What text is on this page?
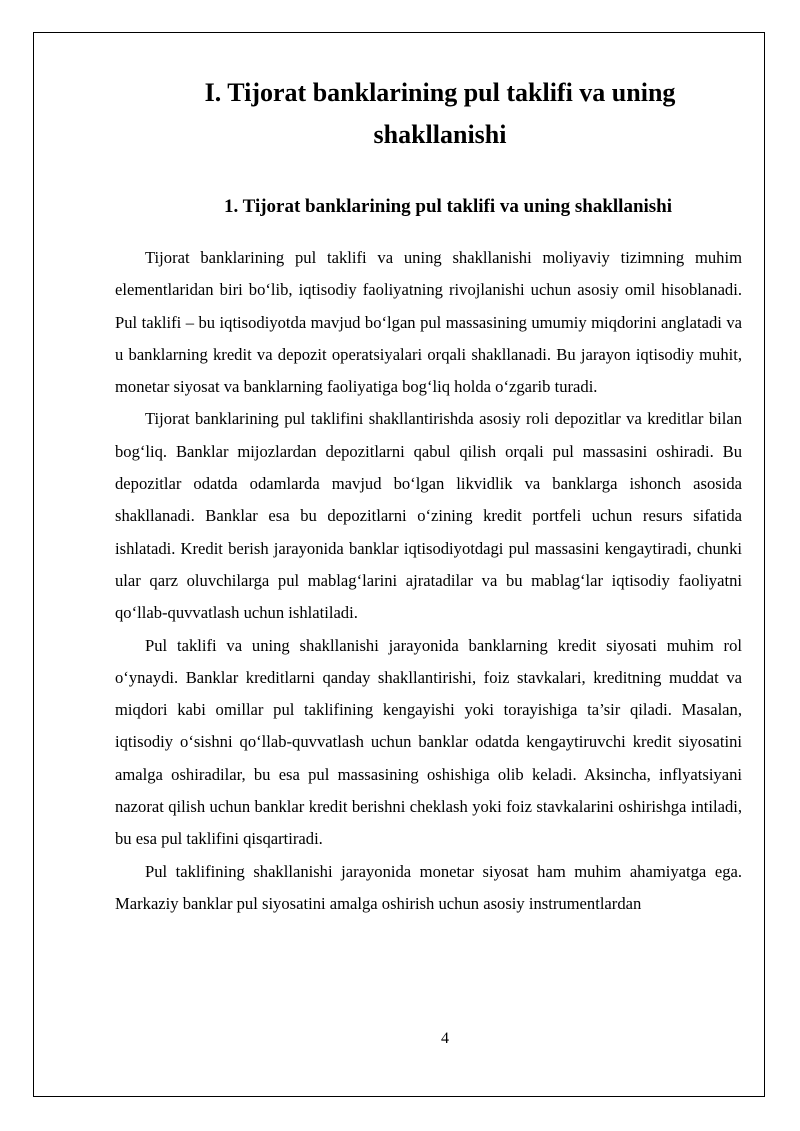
I. Tijorat banklarining pul taklifi va uning shakllanishi
1. Tijorat banklarining pul taklifi va uning shakllanishi

Tijorat banklarining pul taklifi va uning shakllanishi moliyaviy tizimning muhim elementlaridan biri bo‘lib, iqtisodiy faoliyatning rivojlanishi uchun asosiy omil hisoblanadi. Pul taklifi – bu iqtisodiyotda mavjud bo‘lgan pul massasining umumiy miqdorini anglatadi va u banklarning kredit va depozit operatsiyalari orqali shakllanadi. Bu jarayon iqtisodiy muhit, monetar siyosat va banklarning faoliyatiga bog‘liq holda o‘zgarib turadi.

Tijorat banklarining pul taklifini shakllantirishda asosiy roli depozitlar va kreditlar bilan bog‘liq. Banklar mijozlardan depozitlarni qabul qilish orqali pul massasini oshiradi. Bu depozitlar odatda odamlarda mavjud bo‘lgan likvidlik va banklarga ishonch asosida shakllanadi. Banklar esa bu depozitlarni o‘zining kredit portfeli uchun resurs sifatida ishlatadi. Kredit berish jarayonida banklar iqtisodiyotdagi pul massasini kengaytiradi, chunki ular qarz oluvchilarga pul mablag‘larini ajratadilar va bu mablag‘lar iqtisodiy faoliyatni qo‘llab-quvvatlash uchun ishlatiladi.

Pul taklifi va uning shakllanishi jarayonida banklarning kredit siyosati muhim rol o‘ynaydi. Banklar kreditlarni qanday shakllantirishi, foiz stavkalari, kreditning muddat va miqdori kabi omillar pul taklifining kengayishi yoki torayishiga ta’sir qiladi. Masalan, iqtisodiy o‘sishni qo‘llab-quvvatlash uchun banklar odatda kengaytiruvchi kredit siyosatini amalga oshiradilar, bu esa pul massasining oshishiga olib keladi. Aksincha, inflyatsiyani nazorat qilish uchun banklar kredit berishni cheklash yoki foiz stavkalarini oshirishga intiladi, bu esa pul taklifini qisqartiradi.

Pul taklifining shakllanishi jarayonida monetar siyosat ham muhim ahamiyatga ega. Markaziy banklar pul siyosatini amalga oshirish uchun asosiy instrumentlardan

4
